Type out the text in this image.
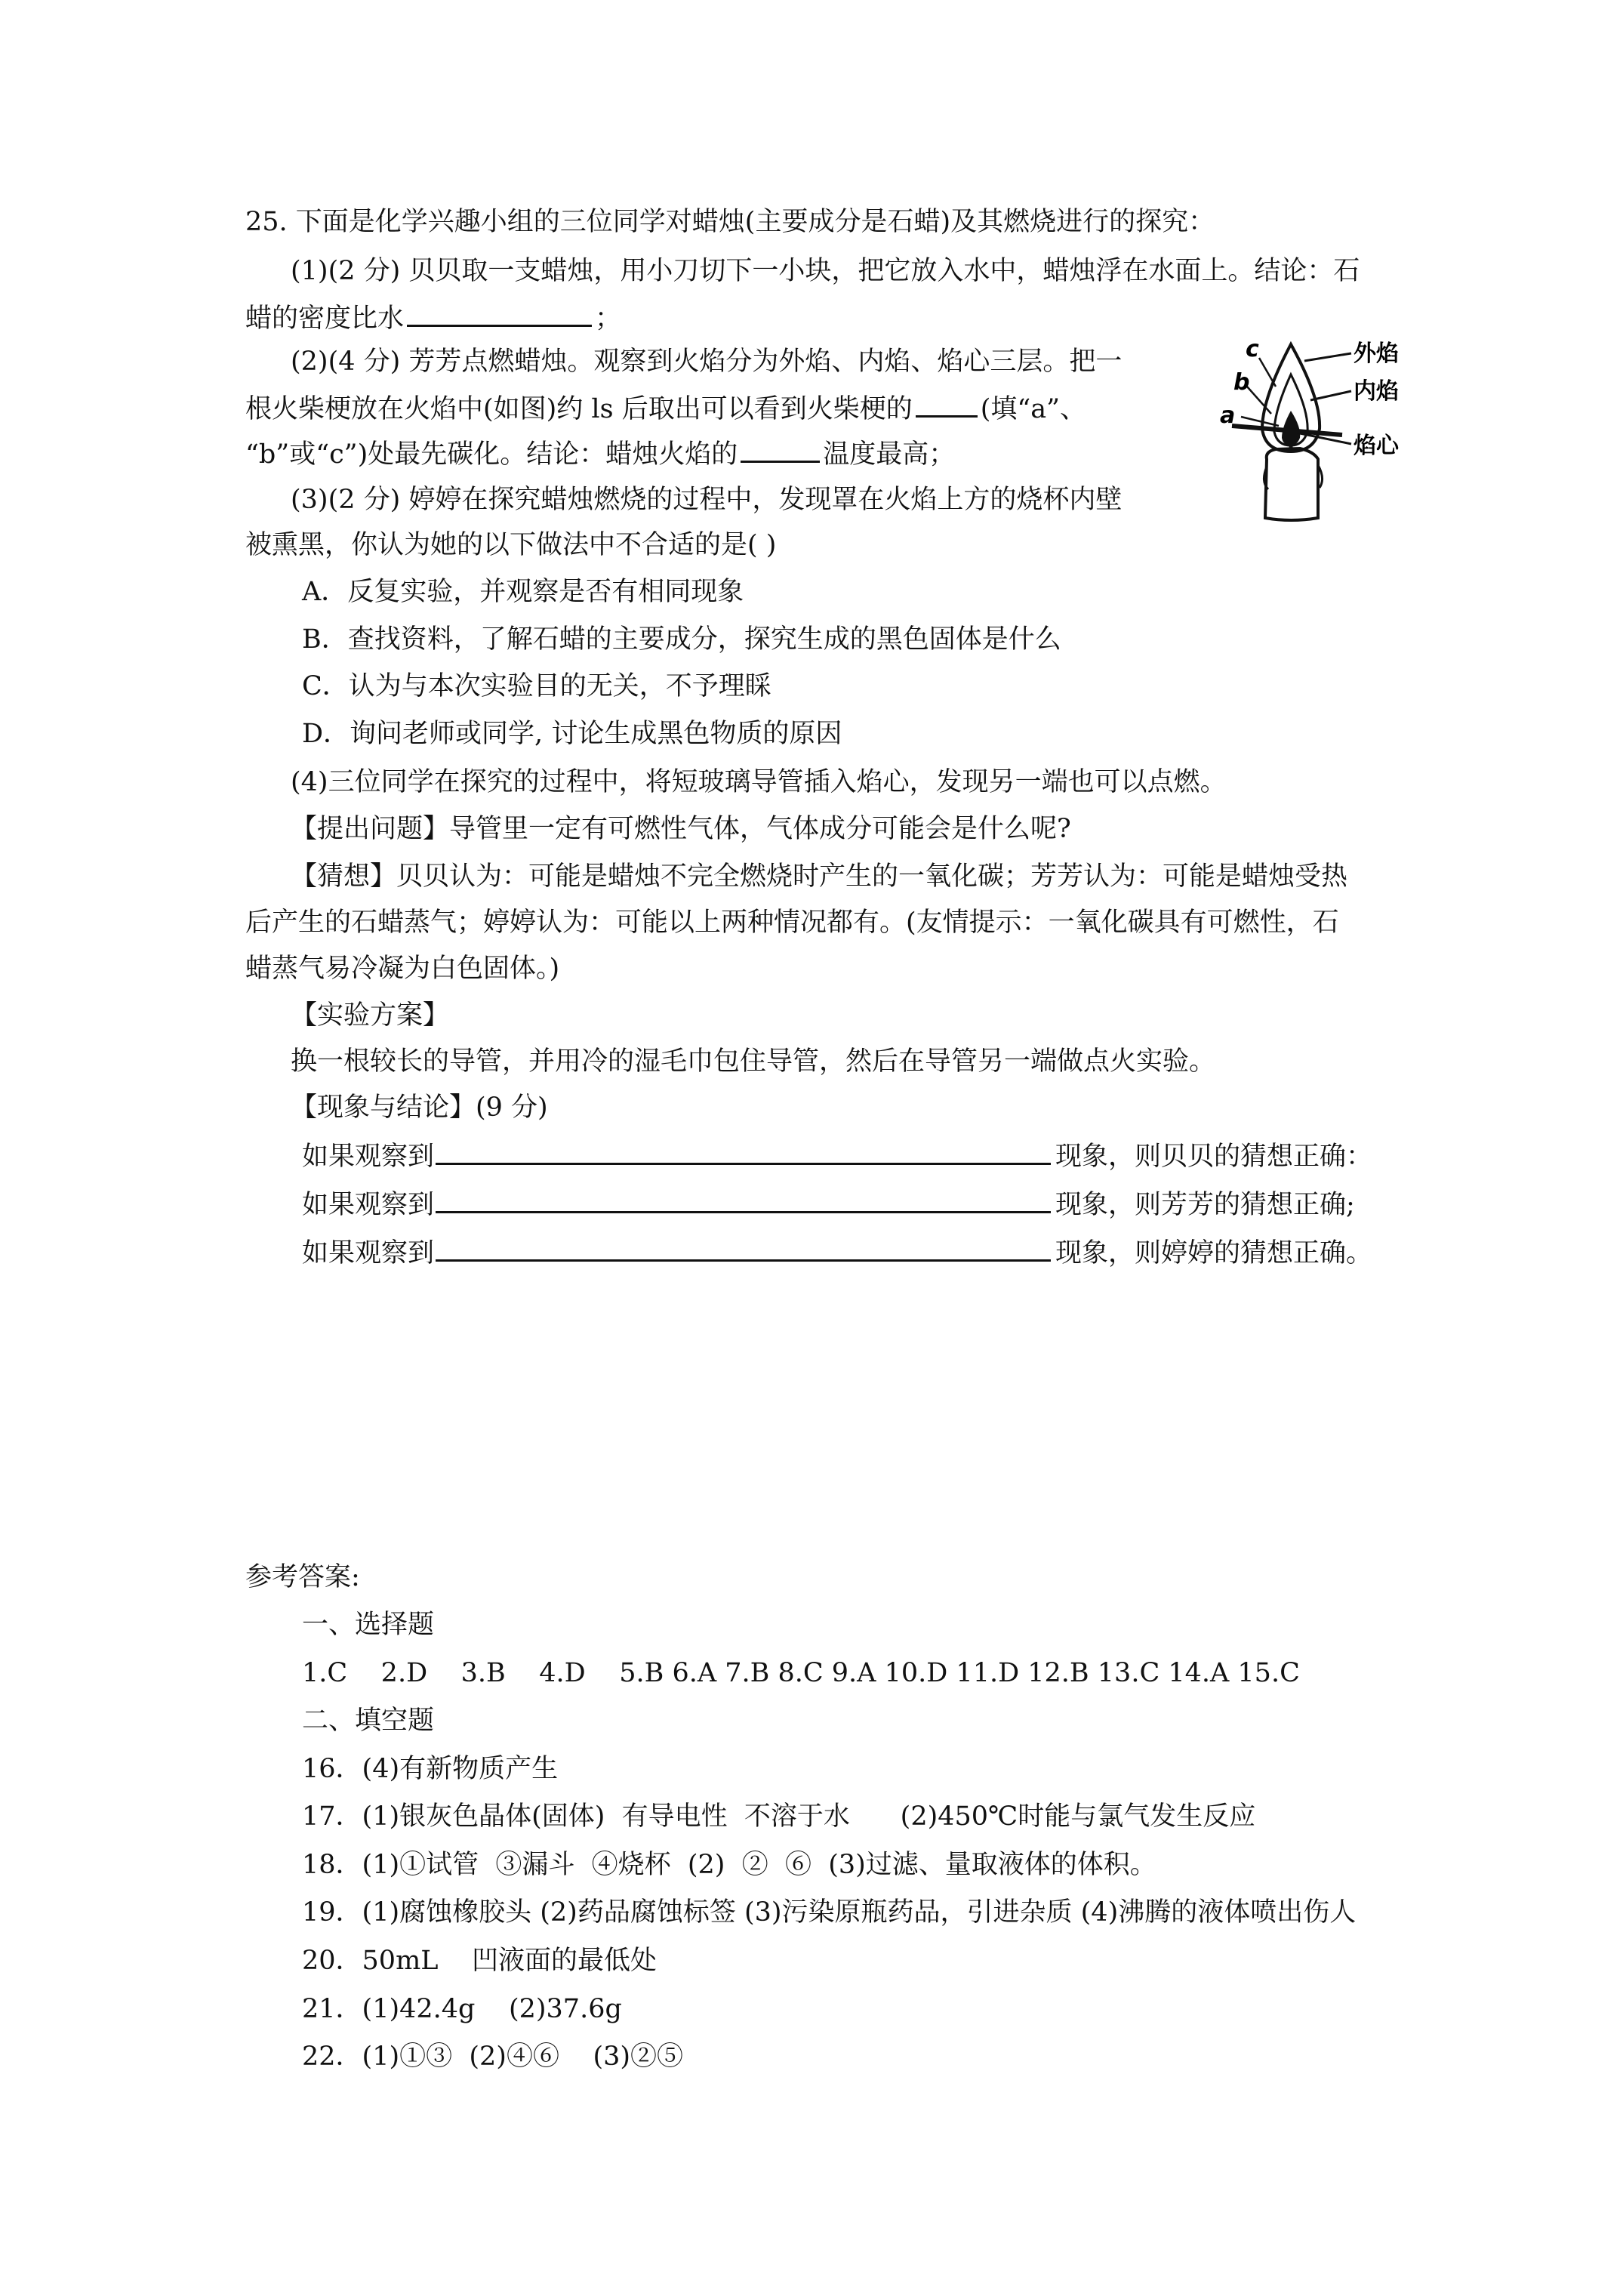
25. 下面是化学兴趣小组的三位同学对蜡烛(主要成分是石蜡)及其燃烧进行的探究：
(1)(2 分) 贝贝取一支蜡烛，用小刀切下一小块，把它放入水中，蜡烛浮在水面上。结论：石
蜡的密度比水	；
(2)(4 分) 芳芳点燃蜡烛。观察到火焰分为外焰、内焰、焰心三层。把一
根火柴梗放在火焰中(如图)约 ls 后取出可以看到火柴梗的	(填“a”、
“b”或“c”)处最先碳化。结论：蜡烛火焰的	温度最高；
c
b
a
外焰
内焰
焰心
(3)(2 分) 婷婷在探究蜡烛燃烧的过程中，发现罩在火焰上方的烧杯内壁
被熏黑，你认为她的以下做法中不合适的是( )
A．反复实验，并观察是否有相同现象
B．查找资料，了解石蜡的主要成分，探究生成的黑色固体是什么
C．认为与本次实验目的无关，不予理睬
D．询问老师或同学, 讨论生成黑色物质的原因
(4)三位同学在探究的过程中，将短玻璃导管插入焰心，发现另一端也可以点燃。
【提出问题】导管里一定有可燃性气体，气体成分可能会是什么呢?
【猜想】贝贝认为：可能是蜡烛不完全燃烧时产生的一氧化碳；芳芳认为：可能是蜡烛受热
后产生的石蜡蒸气；婷婷认为：可能以上两种情况都有。(友情提示：一氧化碳具有可燃性，石
蜡蒸气易冷凝为白色固体。)
【实验方案】
换一根较长的导管，并用冷的湿毛巾包住导管，然后在导管另一端做点火实验。
【现象与结论】(9 分)
如果观察到	现象，则贝贝的猜想正确：
如果观察到	现象，则芳芳的猜想正确;
如果观察到	现象，则婷婷的猜想正确。
参考答案:
一、选择题
1.C    2.D    3.B    4.D    5.B 6.A 7.B 8.C 9.A 10.D 11.D 12.B 13.C 14.A 15.C
二、填空题
16．(4)有新物质产生
17．(1)银灰色晶体(固体)  有导电性  不溶于水      (2)450℃时能与氯气发生反应
18．(1)①试管  ③漏斗  ④烧杯  (2)  ②  ⑥  (3)过滤、量取液体的体积。
19．(1)腐蚀橡胶头 (2)药品腐蚀标签 (3)污染原瓶药品，引进杂质 (4)沸腾的液体喷出伤人
20．50mL    凹液面的最低处
21．(1)42.4g    (2)37.6g
22．(1)①③  (2)④⑥    (3)②⑤
